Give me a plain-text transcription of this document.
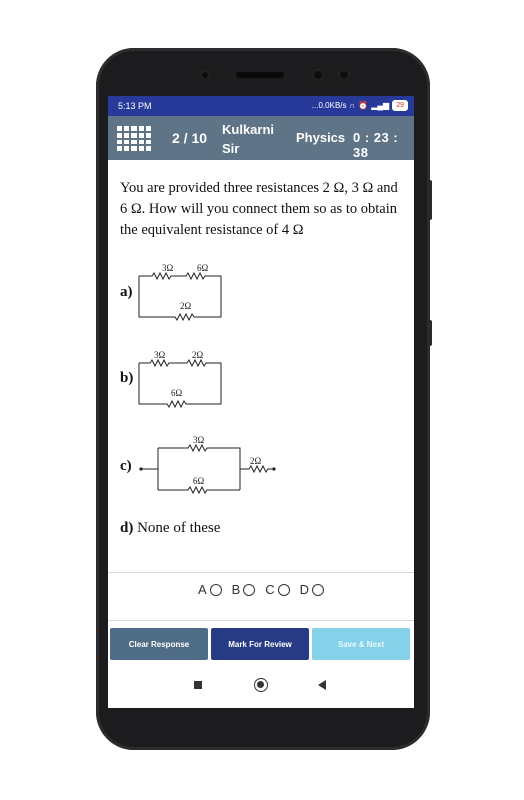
5:13 PM	...0.0KB/s ∩ ⏰ ▂▄▆	29
2 / 10
Kulkarni Sir
Physics 0 : 23 : 38
You are provided three resistances 2 Ω, 3 Ω and 6 Ω. How will you connect them so as to obtain the equivalent resistance of 4 Ω
a)
3Ω	6Ω
2Ω
b)
3Ω	2Ω
6Ω
c)
3Ω
6Ω
2Ω
d) None of these
A B C D
Clear Response	Mark For Review	Save & Next
